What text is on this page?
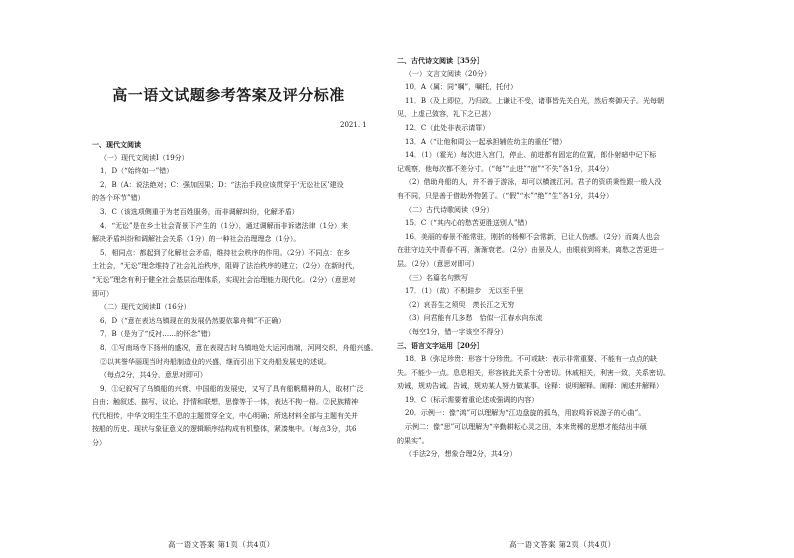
高一语文试题参考答案及评分标准
2021. 1

一、现代文阅读

（一）现代文阅读Ⅰ（19分）

1．D（“始终如一”错）

2．B（A：说法绝对；C：强加因果；D：“法治手段应该贯穿于‘无讼社区’建设

的各个环节”错）

3．C（该选项侧重于为老百姓服务，而非调解纠纷，化解矛盾）

4．“无讼”是在乡土社会背景下产生的（1分），通过调解而非诉诸法律（1分）来

解决矛盾纠纷和调解社会关系（1分）的一种社会治理理念（1分）。

5．相同点：都起到了化解社会矛盾，维持社会秩序的作用。（2分）不同点：在乡

土社会，“无讼”理念维持了社会礼治秩序，阻碍了法治秩序的建立；（2分）在新时代，

“无讼”理念有利于健全社会基层治理体系，实现社会治理能力现代化。（2分）（意思对

即可）

（二）现代文阅读Ⅱ（16分）

6．D（“意在表达乌镇现在的发展仍然要依靠舟楫”不正确）

7．B（是为了“反衬……的怀念”错）

8．①写南场寺下扬州的盛况，意在表现古时乌镇地处大运河南端，河网交织，舟船兴盛。

②以其誉华丽现当时舟船制造业的兴盛，继而引出下文舟船发展史的述说。

（每点2分，共4分，意思对即可）

9．①记叙写了乌镇船的兴衰、中国船的发展史，又写了具有船帆精神的人，取材广泛

自由；触叙述、描写、议论、抒情和联想，思像等于一体，表达不拘一格。②民族精神

代代相传，中华文明生生不息的主题贯穿全文，中心明确；所选材料全部与主题有关并

按船的历史、现状与象征意义的逻辑顺序结构成有机整体，紧凑集中。（每点3分，共6

分）

高一语文答案 第1页（共4页）

二、古代诗文阅读［35分］

（一）文言文阅读（20分）

10．A（属：同“嘱”，嘱托，托付）

11．B（及上即位，乃归政。上谦让不受，诸事皆先关白光，然后奏御天子。光每朝

见，上虚己敛容，礼下之已甚）

12．C（此处非表示请罪）

13．A（“让他和周公一起承担辅佐幼主的重任”错）

14．（1）（霍光）每次进入宫门，停止、前进都有固定的位置，郎仆射暗中记下标

记观察，他每次都不差分寸。（“每”“止进”“宿”“不失”各1分，共4分）

（2）借助舟船的人，并不善于游泳，却可以横渡江河。君子的资质秉性跟一般人没

有不同，只是善于借助外物罢了。（“假”“水”“绝”“生”各1分，共4分）

（二）古代诗歌阅读（9分）

15．C（“其内心的愁苦更胜送别人”错）

16．美丽的春景不能常驻，刚折的杨柳不会常新，已让人伤感。（2分）而离人也会

在驻守边关中青春不再，渐渐衰老。（2分）由景及人，由眼前到将来，离愁之苦更进一

层。（2分）（意思对即可）

（三）名篇名句默写

17．（1）（故）不积跬步　无以至千里

（2）哀吾生之须臾　羡长江之无穷

（3）问君能有几多愁　恰似一江春水向东流

（每空1分，错一字该空不得分）

三、语言文字运用［20分］

18．B（弥足珍贵：形容十分珍贵。不可或缺：表示非常重要、不能有一点点的缺

失。不能少一点。息息相关，形容彼此关系十分密切。休戚相关，利害一致，关系密切。

劝诫，规劝告诫。告诫，规劝某人努力做某事。诠释：说明解释。阐释：阐述并解释）

19．C（标示需要着重论述或强调的内容）

20．示例一：像“鸿”可以理解为“江边盘旋的孤鸟，用寂鸣诉说游子的心曲”。

示例二：像“思”可以理解为“辛勤耕耘心灵之田，本来贵稀的思想才能结出丰硕

的果实”。

（手法2分，想象合理2分，共4分）

高一语文答案 第2页（共4页）
